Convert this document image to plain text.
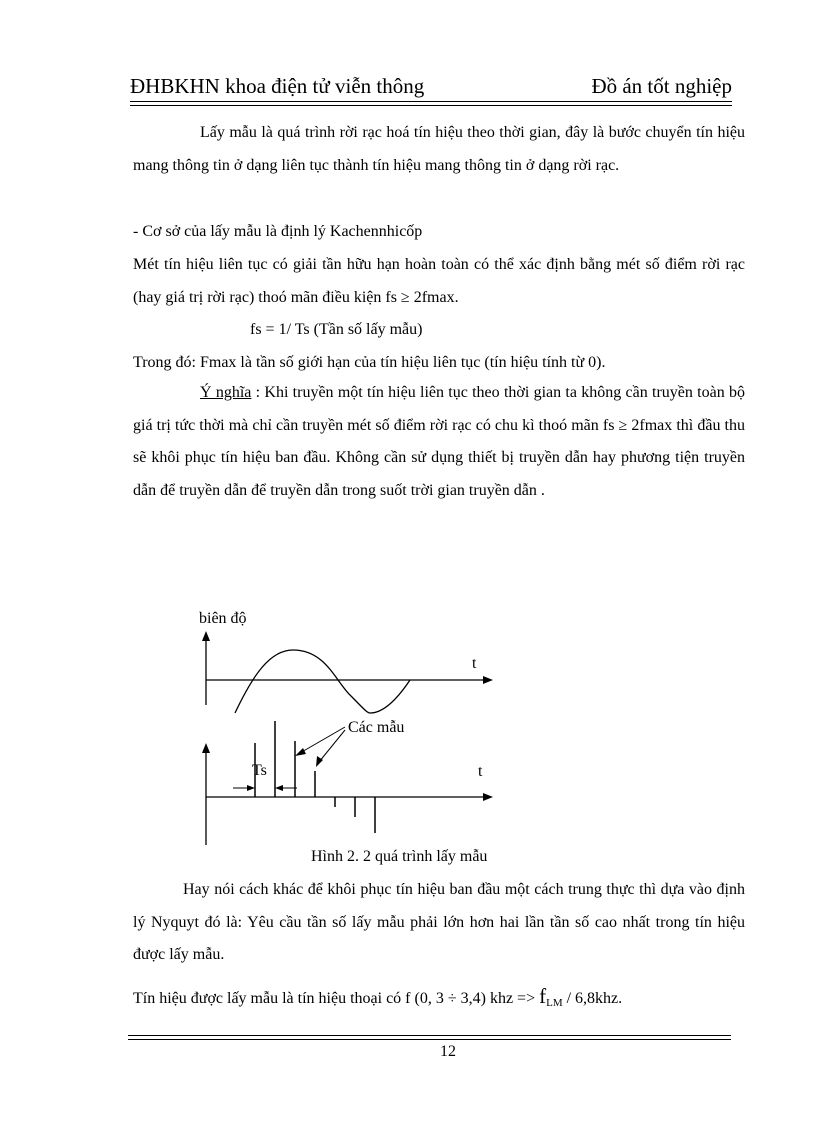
ĐHBKHN khoa điện tử viễn thông	Đồ án tốt nghiệp

Lấy mẫu là quá trình rời rạc hoá tín hiệu theo thời gian, đây là bước chuyển tín hiệu mang thông tin ở dạng liên tục thành tín hiệu mang thông tin ở dạng rời rạc.

- Cơ sở của lấy mẫu là định lý Kachennhicốp

Mét tín hiệu liên tục có giải tần hữu hạn hoàn toàn có thể xác định bằng mét số điểm rời rạc (hay giá trị rời rạc) thoó mãn điều kiện fs ≥ 2fmax.

fs = 1/ Ts (Tần số lấy mẫu)
Trong đó: Fmax là tần số giới hạn của tín hiệu liên tục (tín hiệu tính từ 0).

Ý nghĩa : Khi truyền một tín hiệu liên tục theo thời gian ta không cần truyền toàn bộ giá trị tức thời mà chỉ cần truyền mét số điểm rời rạc có chu kì thoó mãn fs ≥ 2fmax thì đầu thu sẽ khôi phục tín hiệu ban đầu. Không cần sử dụng thiết bị truyền dẫn hay phương tiện truyền dẫn để truyền dẫn để truyền dẫn trong suốt trời gian truyền dẫn .

biên độ
t
Các mẫu
Ts	t
Hình 2. 2 quá trình lấy mẫu

Hay nói cách khác để khôi phục tín hiệu ban đầu một cách trung thực thì dựa vào định lý Nyquyt đó là: Yêu cầu tần số lấy mẫu phải lớn hơn hai lần tần số cao nhất trong tín hiệu được lấy mẫu.

Tín hiệu được lấy mẫu là tín hiệu thoại có f (0, 3 ÷ 3,4) khz => $f_{LM} / 6,8khz$.
12
